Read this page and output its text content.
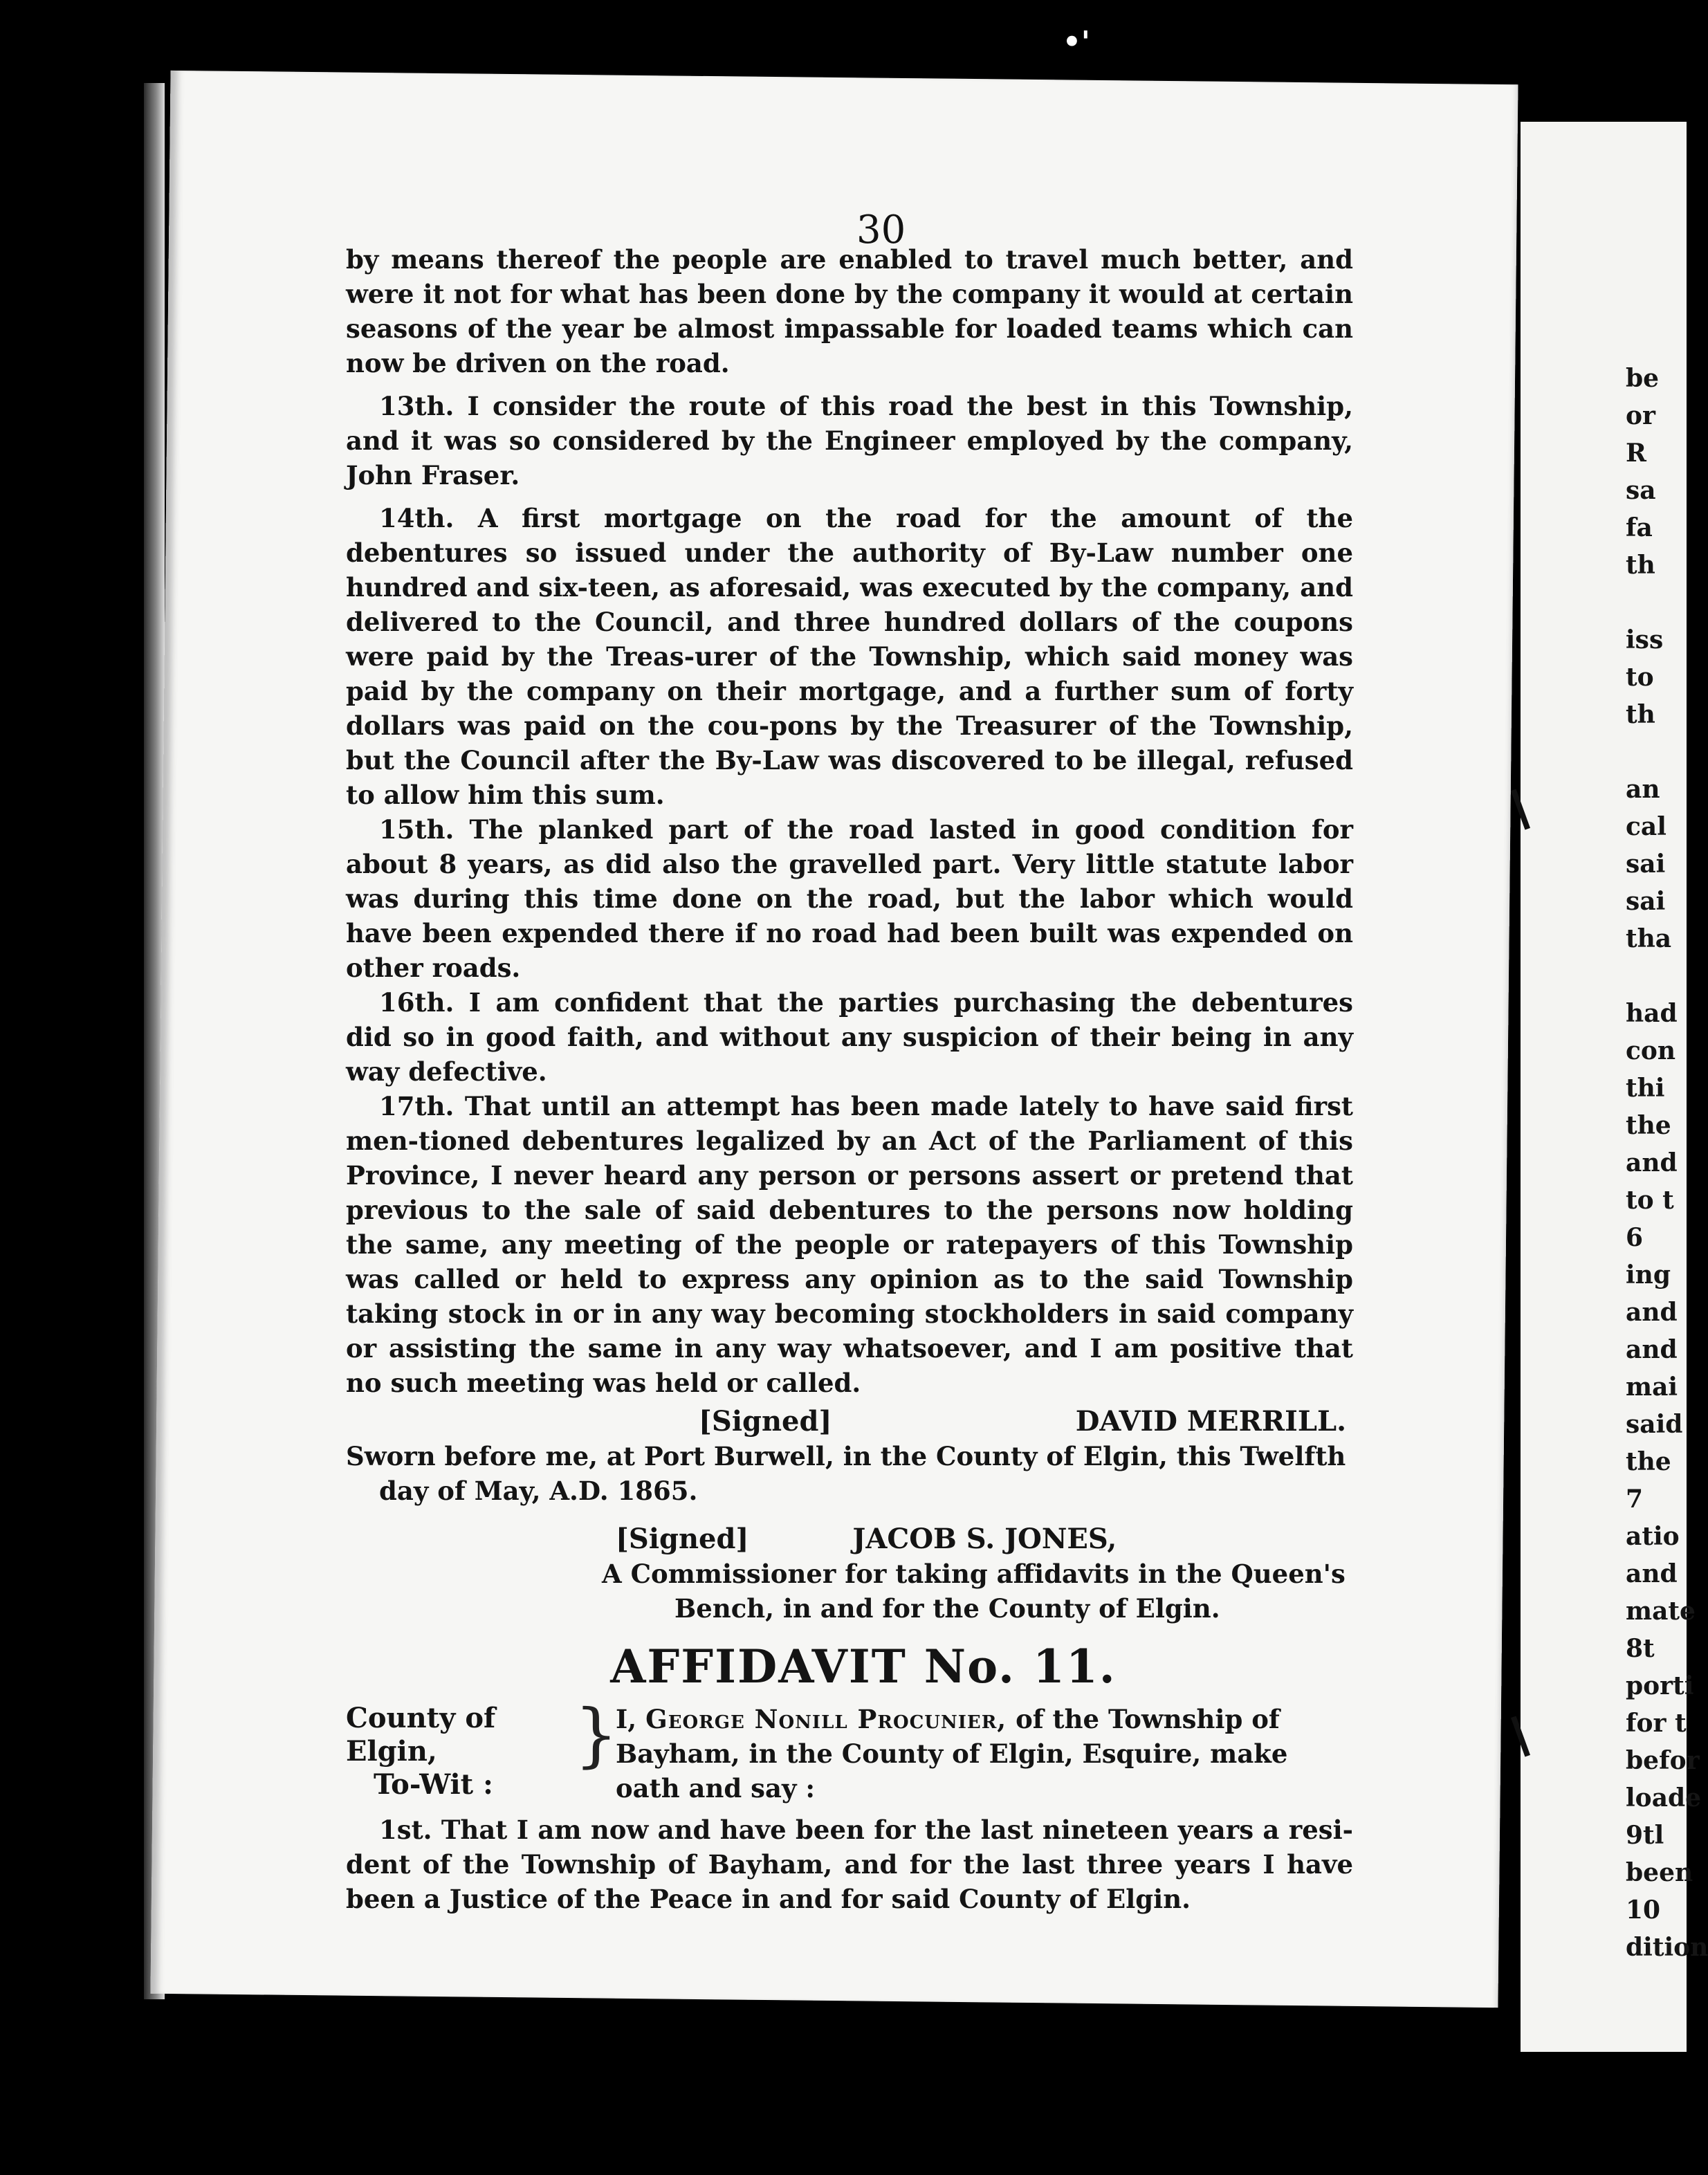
•'
30

by means thereof the people are enabled to travel much better, and were it not for what has been done by the company it would at certain seasons of the year be almost impassable for loaded teams which can now be driven on the road.

13th. I consider the route of this road the best in this Township, and it was so considered by the Engineer employed by the company, John Fraser.

14th. A first mortgage on the road for the amount of the debentures so issued under the authority of By-Law number one hundred and six-teen, as aforesaid, was executed by the company, and delivered to the Council, and three hundred dollars of the coupons were paid by the Treas-urer of the Township, which said money was paid by the company on their mortgage, and a further sum of forty dollars was paid on the cou-pons by the Treasurer of the Township, but the Council after the By-Law was discovered to be illegal, refused to allow him this sum.

15th. The planked part of the road lasted in good condition for about 8 years, as did also the gravelled part. Very little statute labor was during this time done on the road, but the labor which would have been expended there if no road had been built was expended on other roads.

16th. I am confident that the parties purchasing the debentures did so in good faith, and without any suspicion of their being in any way defective.

17th. That until an attempt has been made lately to have said first men-tioned debentures legalized by an Act of the Parliament of this Province, I never heard any person or persons assert or pretend that previous to the sale of said debentures to the persons now holding the same, any meeting of the people or ratepayers of this Township was called or held to express any opinion as to the said Township taking stock in or in any way becoming stockholders in said company or assisting the same in any way whatsoever, and I am positive that no such meeting was held or called.

[Signed]	DAVID MERRILL.

Sworn before me, at Port Burwell, in the County of Elgin, this Twelfth

day of May, A.D. 1865.

[Signed]	JACOB S. JONES,

A Commissioner for taking affidavits in the Queen's

Bench, in and for the County of Elgin.

AFFIDAVIT No. 11.
County of Elgin,
To-Wit :
}

I, George Nonill Procunier, of the Township of Bayham, in the County of Elgin, Esquire, make oath and say :

1st. That I am now and have been for the last nineteen years a resi-dent of the Township of Bayham, and for the last three years I have been a Justice of the Peace in and for said County of Elgin.

be
or
R
sa
fa
th
iss
to
th
an
cal
sai
sai
tha
had
con
thi
the
and
to t
6
ing
and
and
mai
said
the
7
atio
and
mate
8t
porti
for t
befor
loade
9tl
been
10
dition
